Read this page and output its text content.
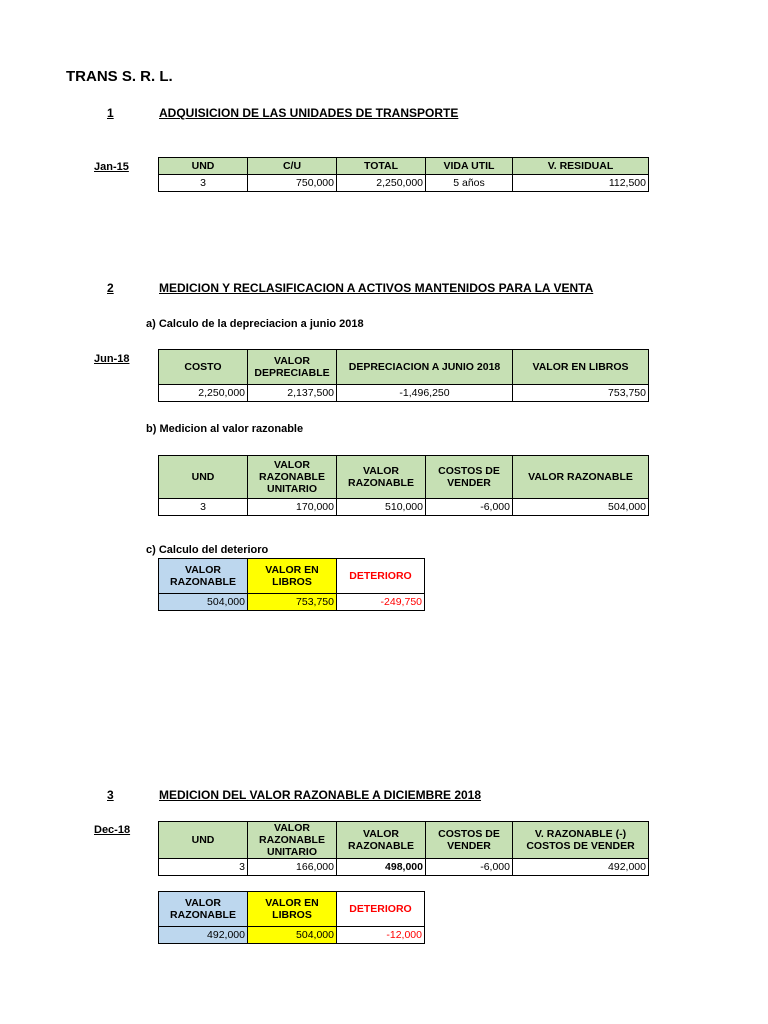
TRANS S. R. L.
1	ADQUISICION DE LAS UNIDADES DE TRANSPORTE
Jan-15	UND	C/U	TOTAL	VIDA UTIL	V. RESIDUAL
3	750,000	2,250,000	5 años	112,500
2	MEDICION Y RECLASIFICACION A ACTIVOS MANTENIDOS PARA LA VENTA
a) Calculo de la depreciacion a junio 2018
Jun-18
COSTO	VALOR DEPRECIABLE	DEPRECIACION A JUNIO 2018	VALOR EN LIBROS
2,250,000	2,137,500	-1,496,250	753,750
b) Medicion al valor razonable
UND	VALOR RAZONABLE UNITARIO	VALOR RAZONABLE	COSTOS DE VENDER	VALOR RAZONABLE
3	170,000	510,000	-6,000	504,000
c) Calculo del deterioro
VALOR RAZONABLE	VALOR EN LIBROS	DETERIORO
504,000	753,750	-249,750
3	MEDICION DEL VALOR RAZONABLE A DICIEMBRE 2018
Dec-18
UND	VALOR RAZONABLE UNITARIO	VALOR RAZONABLE	COSTOS DE VENDER	V. RAZONABLE (-) COSTOS DE VENDER
3	166,000	498,000	-6,000	492,000
VALOR RAZONABLE	VALOR EN LIBROS	DETERIORO
492,000	504,000	-12,000
